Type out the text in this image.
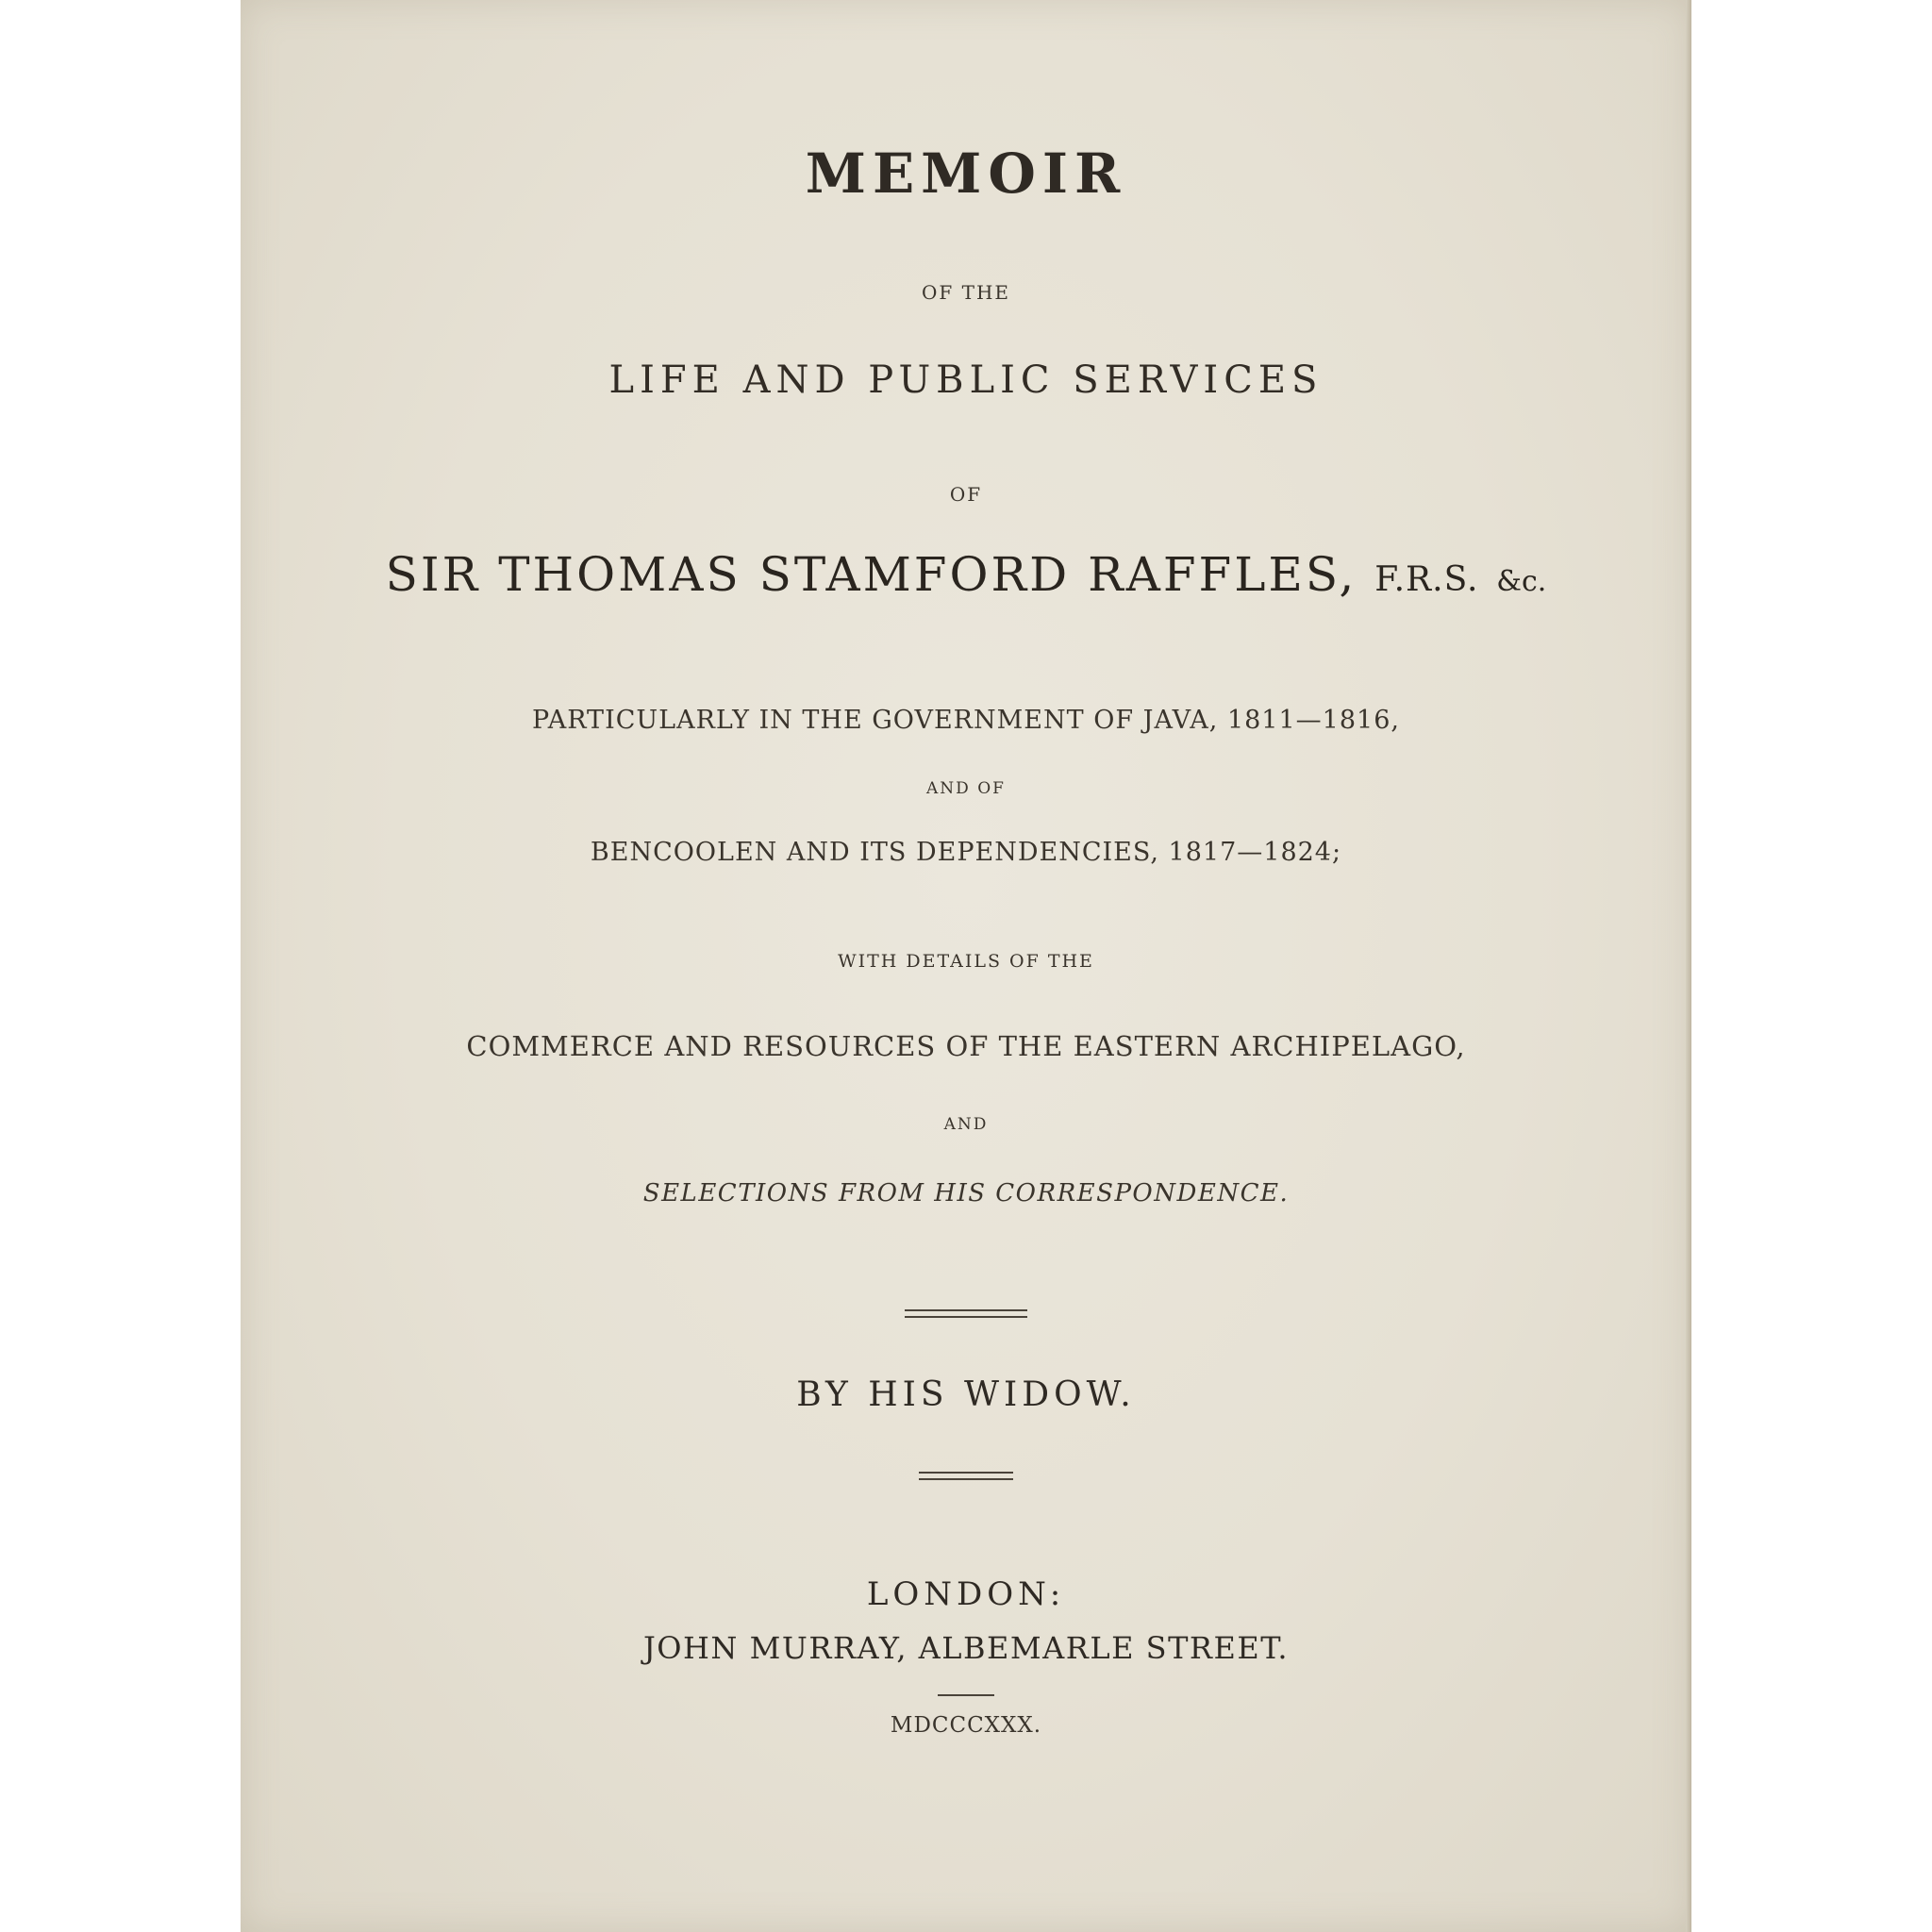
MEMOIR
OF THE
LIFE AND PUBLIC SERVICES
OF
SIR THOMAS STAMFORD RAFFLES, F.R.S. &c.
PARTICULARLY IN THE GOVERNMENT OF JAVA, 1811—1816,
AND OF
BENCOOLEN AND ITS DEPENDENCIES, 1817—1824;
WITH DETAILS OF THE
COMMERCE AND RESOURCES OF THE EASTERN ARCHIPELAGO,
AND
SELECTIONS FROM HIS CORRESPONDENCE.
BY HIS WIDOW.
LONDON:
JOHN MURRAY, ALBEMARLE STREET.
MDCCCXXX.
